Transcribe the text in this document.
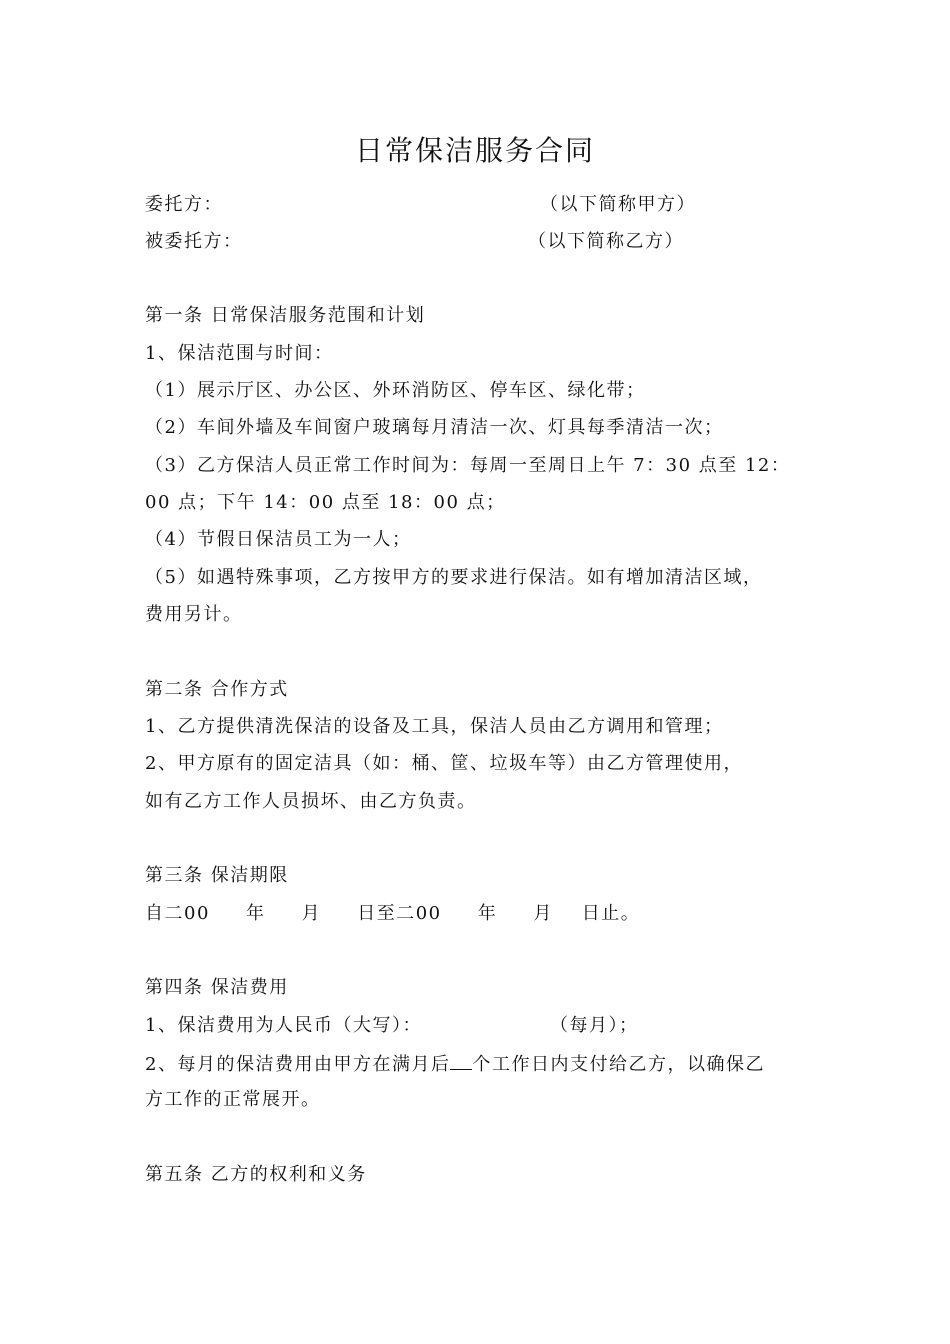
日常保洁服务合同
委托方：	（以下简称甲方）
被委托方：	（以下简称乙方）
第一条 日常保洁服务范围和计划
1、保洁范围与时间：
（1）展示厅区、办公区、外环消防区、停车区、绿化带；
（2）车间外墙及车间窗户玻璃每月清洁一次、灯具每季清洁一次；
（3）乙方保洁人员正常工作时间为：每周一至周日上午 7：30 点至 12：
00 点；下午 14：00 点至 18：00 点；
（4）节假日保洁员工为一人；
（5）如遇特殊事项，乙方按甲方的要求进行保洁。如有增加清洁区域，
费用另计。
第二条 合作方式
1、乙方提供清洗保洁的设备及工具，保洁人员由乙方调用和管理；
2、甲方原有的固定洁具（如：桶、筐、垃圾车等）由乙方管理使用，
如有乙方工作人员损坏、由乙方负责。
第三条 保洁期限
自二00     年     月     日至二00     年     月    日止。
第四条 保洁费用
1、保洁费用为人民币（大写）：	（每月）；
2、每月的保洁费用由甲方在满月后 个工作日内支付给乙方，以确保乙
方工作的正常展开。
第五条 乙方的权利和义务
